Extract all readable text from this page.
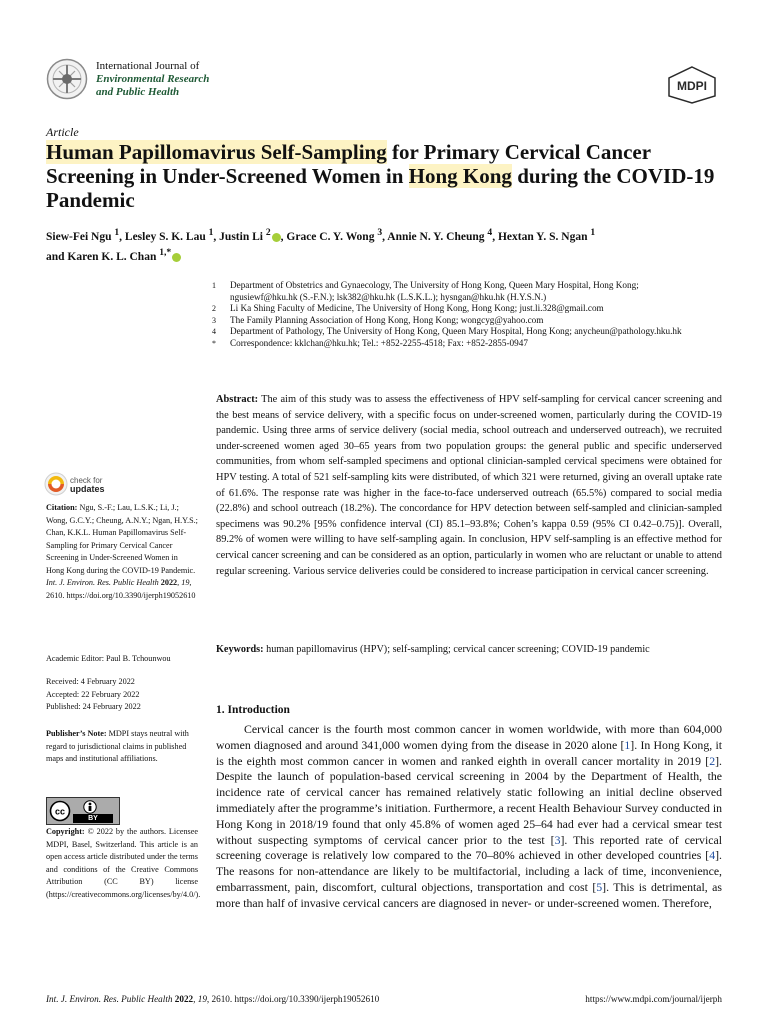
International Journal of
Environmental Research
and Public Health	MDPI
Article
Human Papillomavirus Self-Sampling for Primary Cervical Cancer Screening in Under-Screened Women in Hong Kong during the COVID-19 Pandemic
Siew-Fei Ngu $^1$, Lesley S. K. Lau $^1$, Justin Li $^2$ , Grace C. Y. Wong $^3$, Annie N. Y. Cheung $^4$, Hextan Y. S. Ngan $^1$
and Karen K. L. Chan $^{1,*}$
1	Department of Obstetrics and Gynaecology, The University of Hong Kong, Queen Mary Hospital, Hong Kong; ngusiewf@hku.hk (S.-F.N.); lsk382@hku.hk (L.S.K.L.); hysngan@hku.hk (H.Y.S.N.)
2	Li Ka Shing Faculty of Medicine, The University of Hong Kong, Hong Kong; just.li.328@gmail.com
3	The Family Planning Association of Hong Kong, Hong Kong; wongcyg@yahoo.com
4	Department of Pathology, The University of Hong Kong, Queen Mary Hospital, Hong Kong; anycheun@pathology.hku.hk
*	Correspondence: kklchan@hku.hk; Tel.: +852-2255-4518; Fax: +852-2855-0947
Abstract: The aim of this study was to assess the effectiveness of HPV self-sampling for cervical cancer screening and the best means of service delivery, with a specific focus on under-screened women, particularly during the COVID-19 pandemic. Using three arms of service delivery (social media, school outreach and underserved outreach), we recruited under-screened women aged 30–65 years from two population groups: the general public and specific underserved communities, from whom self-sampled specimens and optional clinician-sampled cervical specimens were obtained for HPV testing. A total of 521 self-sampling kits were distributed, of which 321 were returned, giving an overall uptake rate of 61.6%. The response rate was higher in the face-to-face underserved outreach (65.5%) compared to social media (22.8%) and school outreach (18.2%). The concordance for HPV detection between self-sampled and clinician-sampled specimens was 90.2% [95% confidence interval (CI) 85.1–93.8%; Cohen’s kappa 0.59 (95% CI 0.42–0.75)]. Overall, 89.2% of women were willing to have self-sampling again. In conclusion, HPV self-sampling is an effective method for cervical cancer screening and can be considered as an option, particularly in women who are reluctant or unable to attend regular screening. Various service deliveries could be considered to increase participation in cervical cancer screening.
Keywords: human papillomavirus (HPV); self-sampling; cervical cancer screening; COVID-19 pandemic
check for
updates
Citation: Ngu, S.-F.; Lau, L.S.K.; Li, J.; Wong, G.C.Y.; Cheung, A.N.Y.; Ngan, H.Y.S.; Chan, K.K.L. Human Papillomavirus Self-Sampling for Primary Cervical Cancer Screening in Under-Screened Women in Hong Kong during the COVID-19 Pandemic. Int. J. Environ. Res. Public Health 2022, 19, 2610. https://doi.org/10.3390/ijerph19052610
Academic Editor: Paul B. Tchounwou
Received: 4 February 2022
Accepted: 22 February 2022
Published: 24 February 2022
Publisher’s Note: MDPI stays neutral with regard to jurisdictional claims in published maps and institutional affiliations.
cc
BY
Copyright: © 2022 by the authors. Licensee MDPI, Basel, Switzerland. This article is an open access article distributed under the terms and conditions of the Creative Commons Attribution (CC BY) license (https://creativecommons.org/licenses/by/4.0/).
1. Introduction
Cervical cancer is the fourth most common cancer in women worldwide, with more than 604,000 women diagnosed and around 341,000 women dying from the disease in 2020 alone [1]. In Hong Kong, it is the eighth most common cancer in women and ranked eighth in overall cancer mortality in 2019 [2]. Despite the launch of population-based cervical screening in 2004 by the Department of Health, the incidence rate of cervical cancer has remained relatively static following an initial decline observed immediately after the programme’s initiation. Furthermore, a recent Health Behaviour Survey conducted in Hong Kong in 2018/19 found that only 45.8% of women aged 25–64 had ever had a cervical smear test without suspecting symptoms of cervical cancer prior to the test [3]. This reported rate of cervical screening coverage is relatively low compared to the 70–80% achieved in other developed countries [4]. The reasons for non-attendance are likely to be multifactorial, including a lack of time, inconvenience, embarrassment, pain, discomfort, cultural objections, transportation and cost [5]. This is detrimental, as more than half of invasive cervical cancers are diagnosed in never- or under-screened women. Therefore,
Int. J. Environ. Res. Public Health 2022, 19, 2610. https://doi.org/10.3390/ijerph19052610	https://www.mdpi.com/journal/ijerph
